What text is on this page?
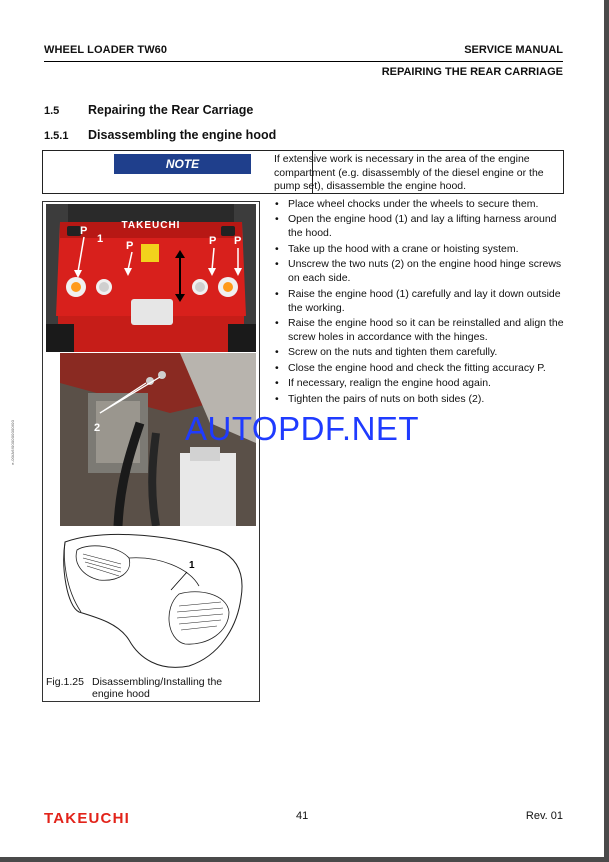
e-00/A6/000000000/00
WHEEL LOADER TW60	SERVICE MANUAL
REPAIRING THE REAR CARRIAGE
1.5 Repairing the Rear Carriage
1.5.1 Disassembling the engine hood
NOTE	If extensive work is necessary in the area of the engine compartment (e.g. disassembly of the diesel engine or the pump set), disassemble the engine hood.
TAKEUCHI
P
1
P	P P
2
1
Fig.1.25 Disassembling/Installing the
engine hood
• Place wheel chocks under the wheels to secure them.
• Open the engine hood (1) and lay a lifting harness around the hood.
• Take up the hood with a crane or hoisting system.
• Unscrew the two nuts (2) on the engine hood hinge screws on each side.
• Raise the engine hood (1) carefully and lay it down outside the working.
• Raise the engine hood so it can be reinstalled and align the screw holes in accordance with the hinges.
• Screw on the nuts and tighten them carefully.
• Close the engine hood and check the fitting accuracy P.
• If necessary, realign the engine hood again.
• Tighten the pairs of nuts on both sides (2).
AUTOPDF.NET
TAKEUCHI	41	Rev. 01
